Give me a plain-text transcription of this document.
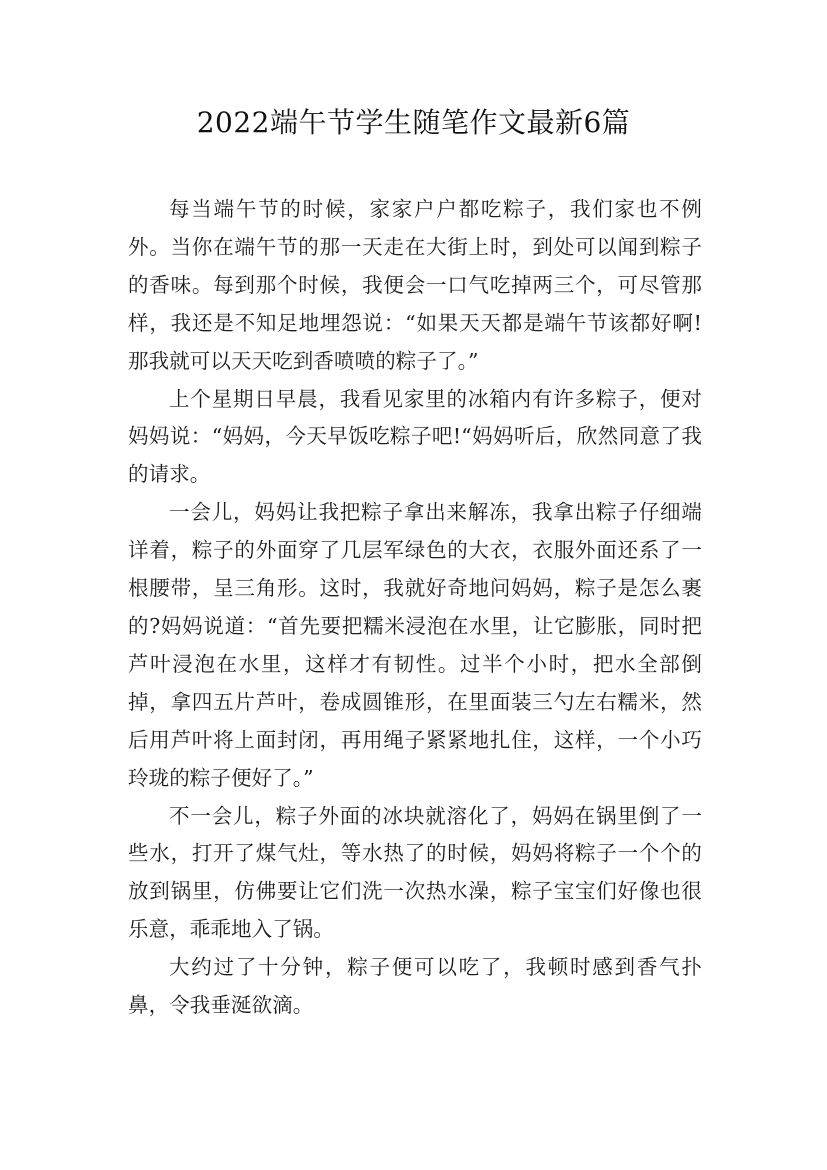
2022端午节学生随笔作文最新6篇

每当端午节的时候，家家户户都吃粽子，我们家也不例外。当你在端午节的那一天走在大街上时，到处可以闻到粽子的香味。每到那个时候，我便会一口气吃掉两三个，可尽管那样，我还是不知足地埋怨说：“如果天天都是端午节该都好啊!那我就可以天天吃到香喷喷的粽子了。”

上个星期日早晨，我看见家里的冰箱内有许多粽子，便对妈妈说：“妈妈，今天早饭吃粽子吧!“妈妈听后，欣然同意了我的请求。

一会儿，妈妈让我把粽子拿出来解冻，我拿出粽子仔细端详着，粽子的外面穿了几层军绿色的大衣，衣服外面还系了一根腰带，呈三角形。这时，我就好奇地问妈妈，粽子是怎么裹的?妈妈说道：“首先要把糯米浸泡在水里，让它膨胀，同时把芦叶浸泡在水里，这样才有韧性。过半个小时，把水全部倒掉，拿四五片芦叶，卷成圆锥形，在里面装三勺左右糯米，然后用芦叶将上面封闭，再用绳子紧紧地扎住，这样，一个小巧玲珑的粽子便好了。”

不一会儿，粽子外面的冰块就溶化了，妈妈在锅里倒了一些水，打开了煤气灶，等水热了的时候，妈妈将粽子一个个的放到锅里，仿佛要让它们洗一次热水澡，粽子宝宝们好像也很乐意，乖乖地入了锅。

大约过了十分钟，粽子便可以吃了，我顿时感到香气扑鼻，令我垂涎欲滴。
